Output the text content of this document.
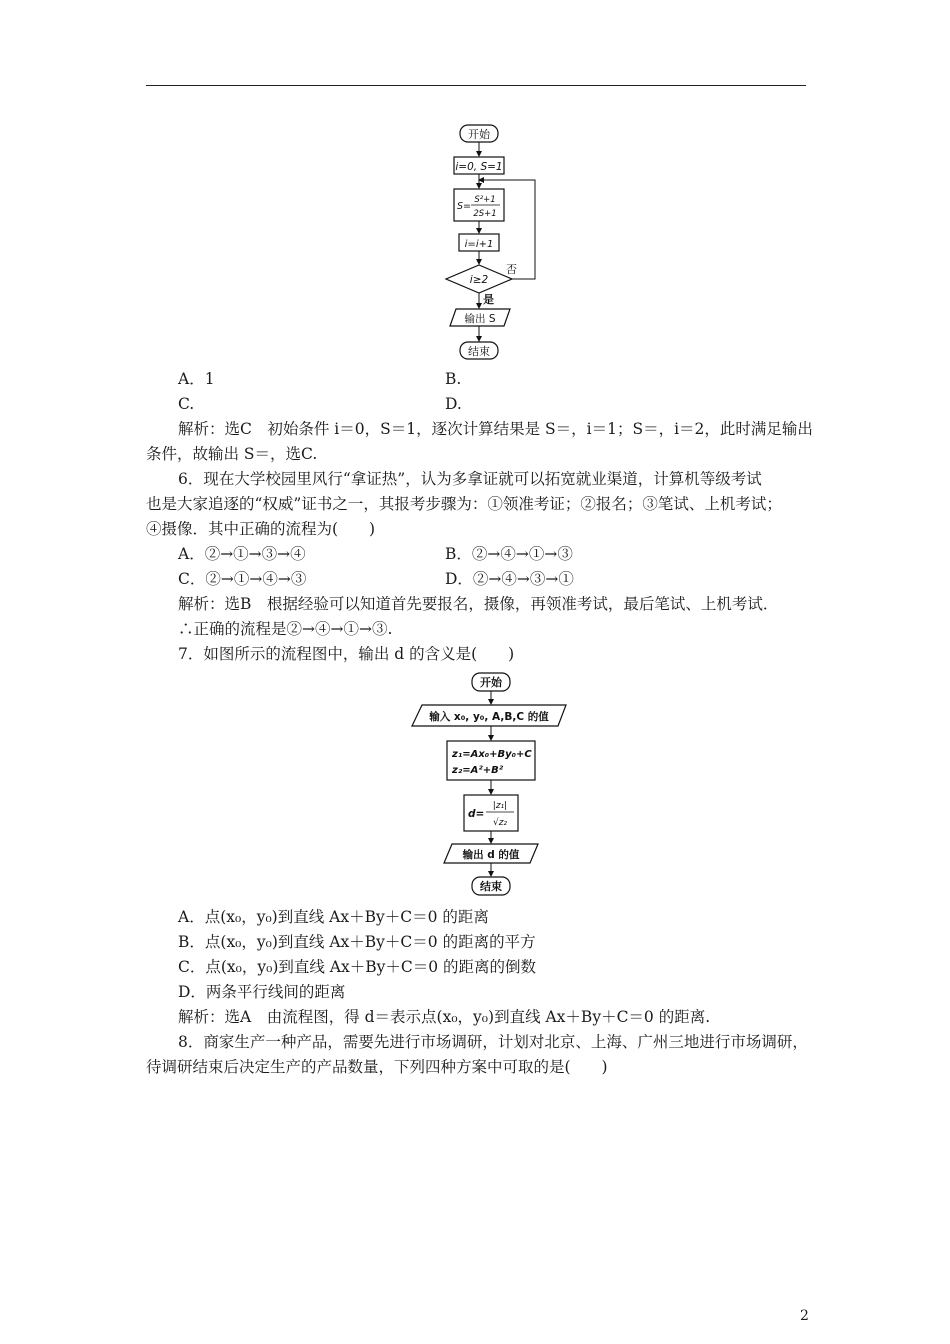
开始
i=0, S=1
S=
S²+1
2S+1
i=i+1
i≥2
否
是
输出 S
结束
A．1	B.
C.	D.
解析：选C　初始条件 i＝0，S＝1，逐次计算结果是 S＝，i＝1；S＝，i＝2，此时满足输出
条件，故输出 S＝，选C.
6．现在大学校园里风行“拿证热”，认为多拿证就可以拓宽就业渠道，计算机等级考试
也是大家追逐的“权威”证书之一，其报考步骤为：①领准考证；②报名；③笔试、上机考试；
④摄像．其中正确的流程为(　　)
A．②→①→③→④	B．②→④→①→③
C．②→①→④→③	D．②→④→③→①
解析：选B　根据经验可以知道首先要报名，摄像，再领准考试，最后笔试、上机考试．
∴正确的流程是②→④→①→③.
7．如图所示的流程图中，输出 d 的含义是(　　)
开始
输入 x₀, y₀, A,B,C 的值
z₁=Ax₀+By₀+C
z₂=A²+B²
d=
|z₁|
√z₂
输出 d 的值
结束
A．点(x₀，y₀)到直线 Ax＋By＋C＝0 的距离
B．点(x₀，y₀)到直线 Ax＋By＋C＝0 的距离的平方
C．点(x₀，y₀)到直线 Ax＋By＋C＝0 的距离的倒数
D．两条平行线间的距离
解析：选A　由流程图，得 d＝表示点(x₀，y₀)到直线 Ax＋By＋C＝0 的距离.
8．商家生产一种产品，需要先进行市场调研，计划对北京、上海、广州三地进行市场调研，
待调研结束后决定生产的产品数量，下列四种方案中可取的是(　　)
2
